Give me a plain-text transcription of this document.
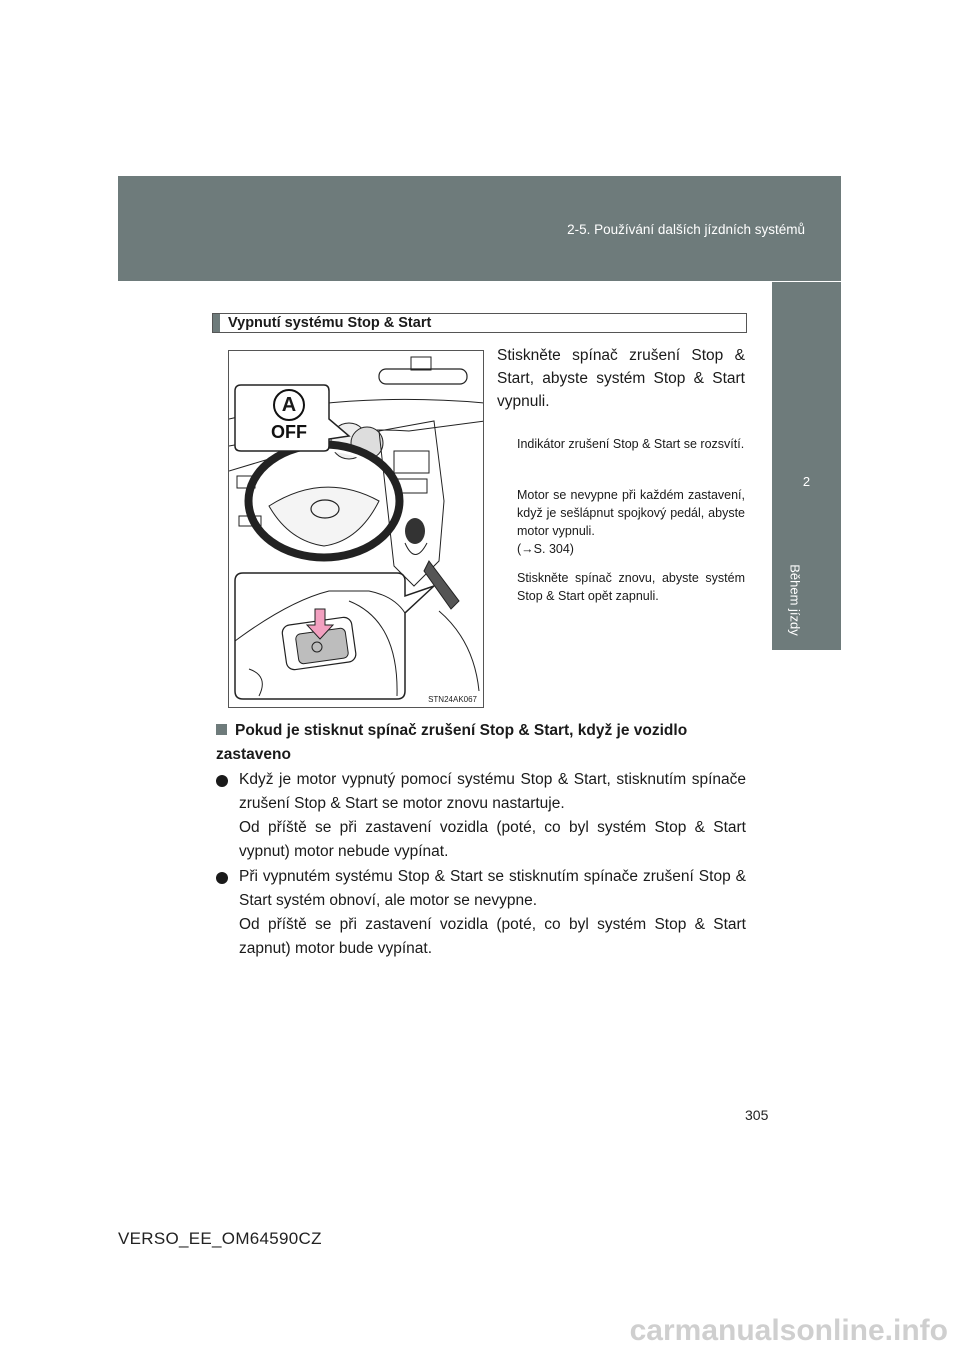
2-5. Používání dalších jízdních systémů
2
Během jízdy
Vypnutí systému Stop & Start
A
OFF
STN24AK067
Stiskněte spínač zrušení Stop & Start, abyste systém Stop & Start vypnuli.
Indikátor zrušení Stop & Start se rozsvítí.
Motor se nevypne při každém zastavení, když je sešlápnut spojkový pedál, abyste motor vypnuli.
(→S. 304)
Stiskněte spínač znovu, abyste systém Stop & Start opět zapnuli.
Pokud je stisknut spínač zrušení Stop & Start, když je vozidlo zastaveno

Když je motor vypnutý pomocí systému Stop & Start, stisknutím spínače zrušení Stop & Start se motor znovu nastartuje.

Od příště se při zastavení vozidla (poté, co byl systém Stop & Start vypnut) motor nebude vypínat.

Při vypnutém systému Stop & Start se stisknutím spínače zrušení Stop & Start systém obnoví, ale motor se nevypne.

Od příště se při zastavení vozidla (poté, co byl systém Stop & Start zapnut) motor bude vypínat.

305
VERSO_EE_OM64590CZ
carmanualsonline.info
